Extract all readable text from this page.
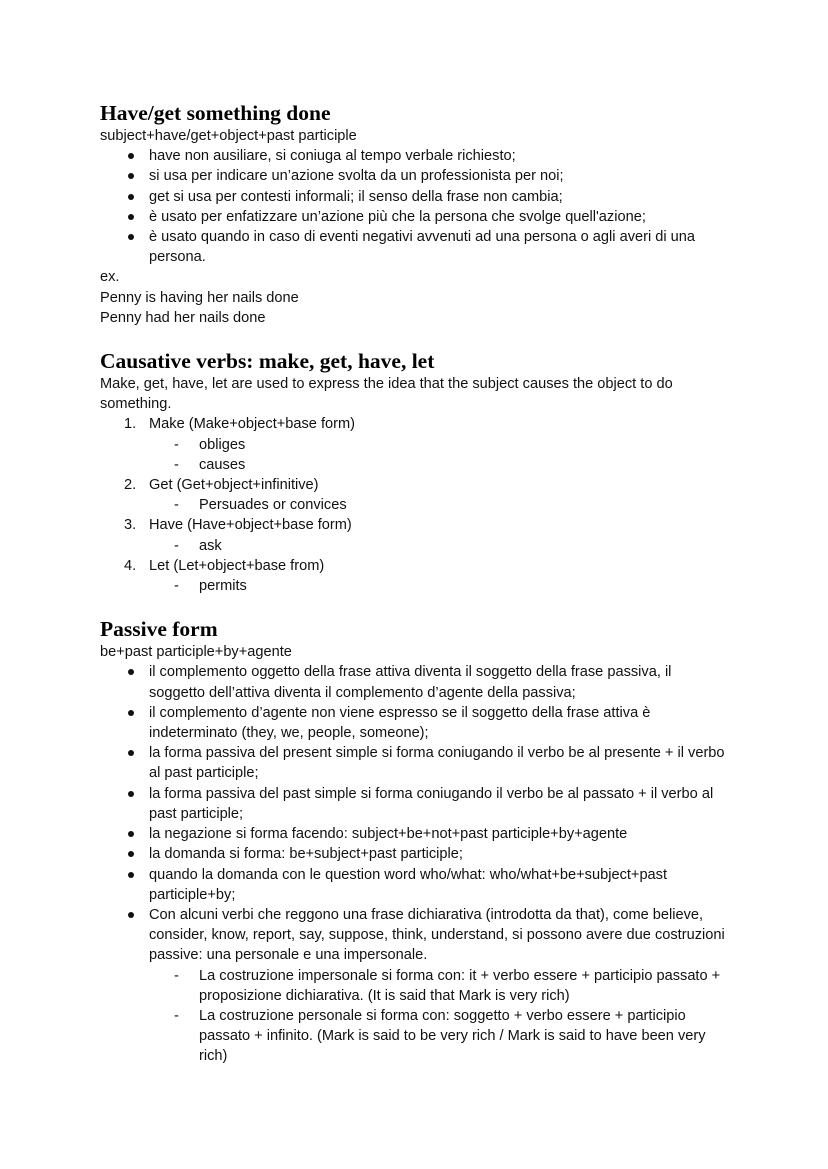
Have/get something done

subject+have/get+object+past participle

have non ausiliare, si coniuga al tempo verbale richiesto;
si usa per indicare un’azione svolta da un professionista per noi;
get si usa per contesti informali; il senso della frase non cambia;
è usato per enfatizzare un’azione più che la persona che svolge quell'azione;
è usato quando in caso di eventi negativi avvenuti ad una persona o agli averi di una persona.

ex.

Penny is having her nails done

Penny had her nails done

Causative verbs: make, get, have, let

Make, get, have, let are used to express the idea that the subject causes the object to do something.

1. Make (Make+object+base form)
- obliges
- causes
2. Get (Get+object+infinitive)
- Persuades or convices
3. Have (Have+object+base form)
- ask
4. Let (Let+object+base from)
- permits
Passive form

be+past participle+by+agente

il complemento oggetto della frase attiva diventa il soggetto della frase passiva, il soggetto dell’attiva diventa il complemento d’agente della passiva;
il complemento d’agente non viene espresso se il soggetto della frase attiva è indeterminato (they, we, people, someone);
la forma passiva del present simple si forma coniugando il verbo be al presente + il verbo al past participle;
la forma passiva del past simple si forma coniugando il verbo be al passato + il verbo al past participle;
la negazione si forma facendo: subject+be+not+past participle+by+agente
la domanda si forma: be+subject+past participle;
quando la domanda con le question word who/what: who/what+be+subject+past participle+by;
Con alcuni verbi che reggono una frase dichiarativa (introdotta da that), come believe, consider, know, report, say, suppose, think, understand, si possono avere due costruzioni passive: una personale e una impersonale.
- La costruzione impersonale si forma con: it + verbo essere + participio passato + proposizione dichiarativa. (It is said that Mark is very rich)
- La costruzione personale si forma con: soggetto + verbo essere + participio passato + infinito. (Mark is said to be very rich / Mark is said to have been very rich)
